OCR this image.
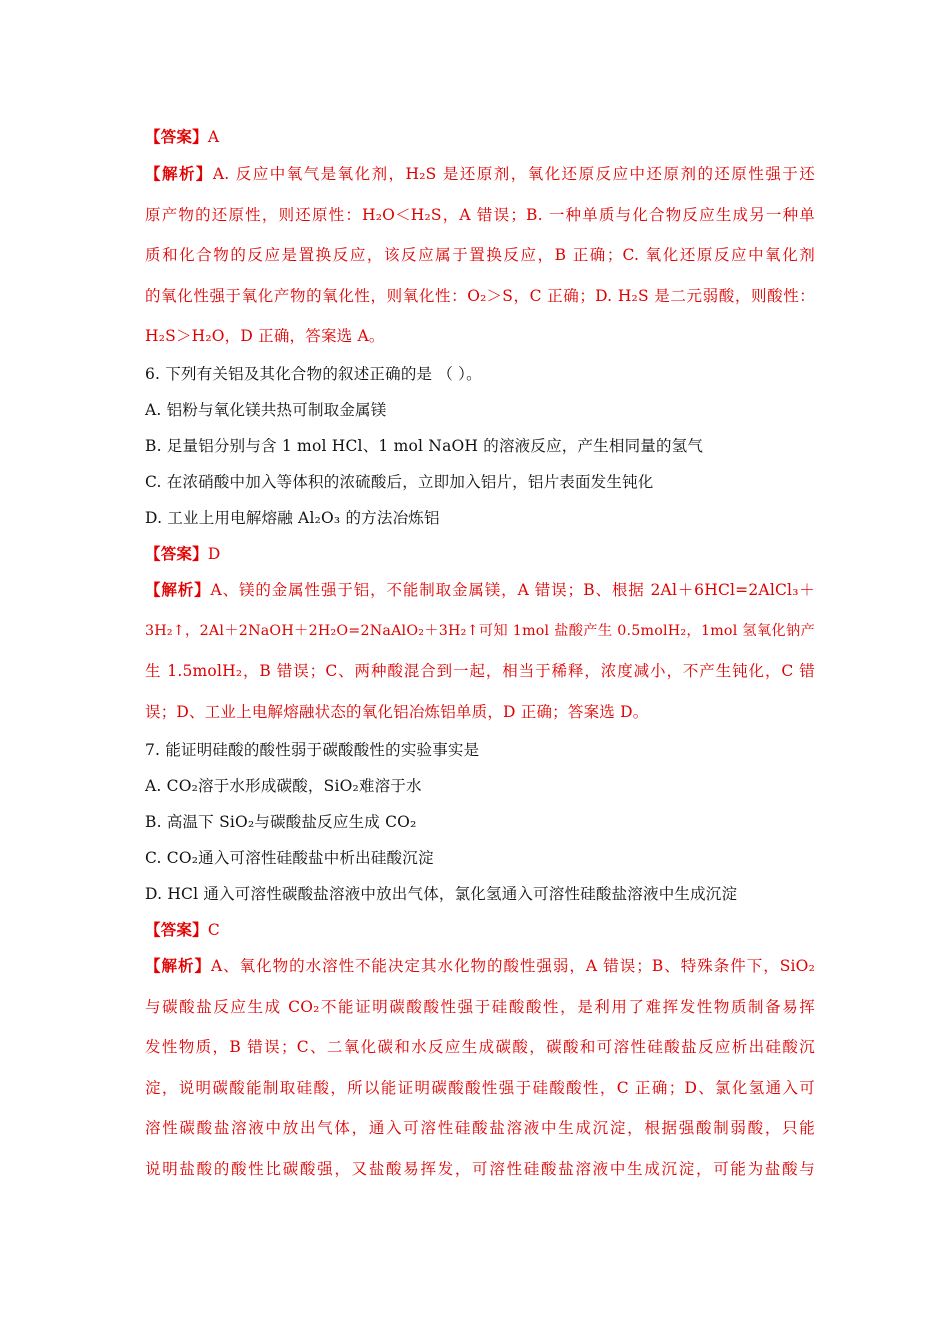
【答案】A
【解析】A. 反应中氧气是氧化剂，H₂S 是还原剂，氧化还原反应中还原剂的还原性强于还
原产物的还原性，则还原性：H₂O＜H₂S，A 错误；B. 一种单质与化合物反应生成另一种单
质和化合物的反应是置换反应，该反应属于置换反应，B 正确；C. 氧化还原反应中氧化剂
的氧化性强于氧化产物的氧化性，则氧化性：O₂＞S，C 正确；D. H₂S 是二元弱酸，则酸性：
H₂S＞H₂O，D 正确，答案选 A。
6. 下列有关铝及其化合物的叙述正确的是 （ ）。
A. 铝粉与氧化镁共热可制取金属镁
B. 足量铝分别与含 1 mol HCl、1 mol NaOH 的溶液反应，产生相同量的氢气
C. 在浓硝酸中加入等体积的浓硫酸后，立即加入铝片，铝片表面发生钝化
D. 工业上用电解熔融 Al₂O₃ 的方法冶炼铝
【答案】D
【解析】A、镁的金属性强于铝，不能制取金属镁，A 错误；B、根据 2Al＋6HCl=2AlCl₃＋
3H₂↑，2Al＋2NaOH＋2H₂O=2NaAlO₂＋3H₂↑可知 1mol 盐酸产生 0.5molH₂，1mol 氢氧化钠产
生 1.5molH₂，B 错误；C、两种酸混合到一起，相当于稀释，浓度减小，不产生钝化，C 错
误；D、工业上电解熔融状态的氧化铝冶炼铝单质，D 正确；答案选 D。
7. 能证明硅酸的酸性弱于碳酸酸性的实验事实是
A. CO₂溶于水形成碳酸，SiO₂难溶于水
B. 高温下 SiO₂与碳酸盐反应生成 CO₂
C. CO₂通入可溶性硅酸盐中析出硅酸沉淀
D. HCl 通入可溶性碳酸盐溶液中放出气体，氯化氢通入可溶性硅酸盐溶液中生成沉淀
【答案】C
【解析】A、氧化物的水溶性不能决定其水化物的酸性强弱，A 错误；B、特殊条件下，SiO₂
与碳酸盐反应生成 CO₂不能证明碳酸酸性强于硅酸酸性，是利用了难挥发性物质制备易挥
发性物质，B 错误；C、二氧化碳和水反应生成碳酸，碳酸和可溶性硅酸盐反应析出硅酸沉
淀，说明碳酸能制取硅酸，所以能证明碳酸酸性强于硅酸酸性，C 正确；D、氯化氢通入可
溶性碳酸盐溶液中放出气体，通入可溶性硅酸盐溶液中生成沉淀，根据强酸制弱酸，只能
说明盐酸的酸性比碳酸强，又盐酸易挥发，可溶性硅酸盐溶液中生成沉淀，可能为盐酸与
